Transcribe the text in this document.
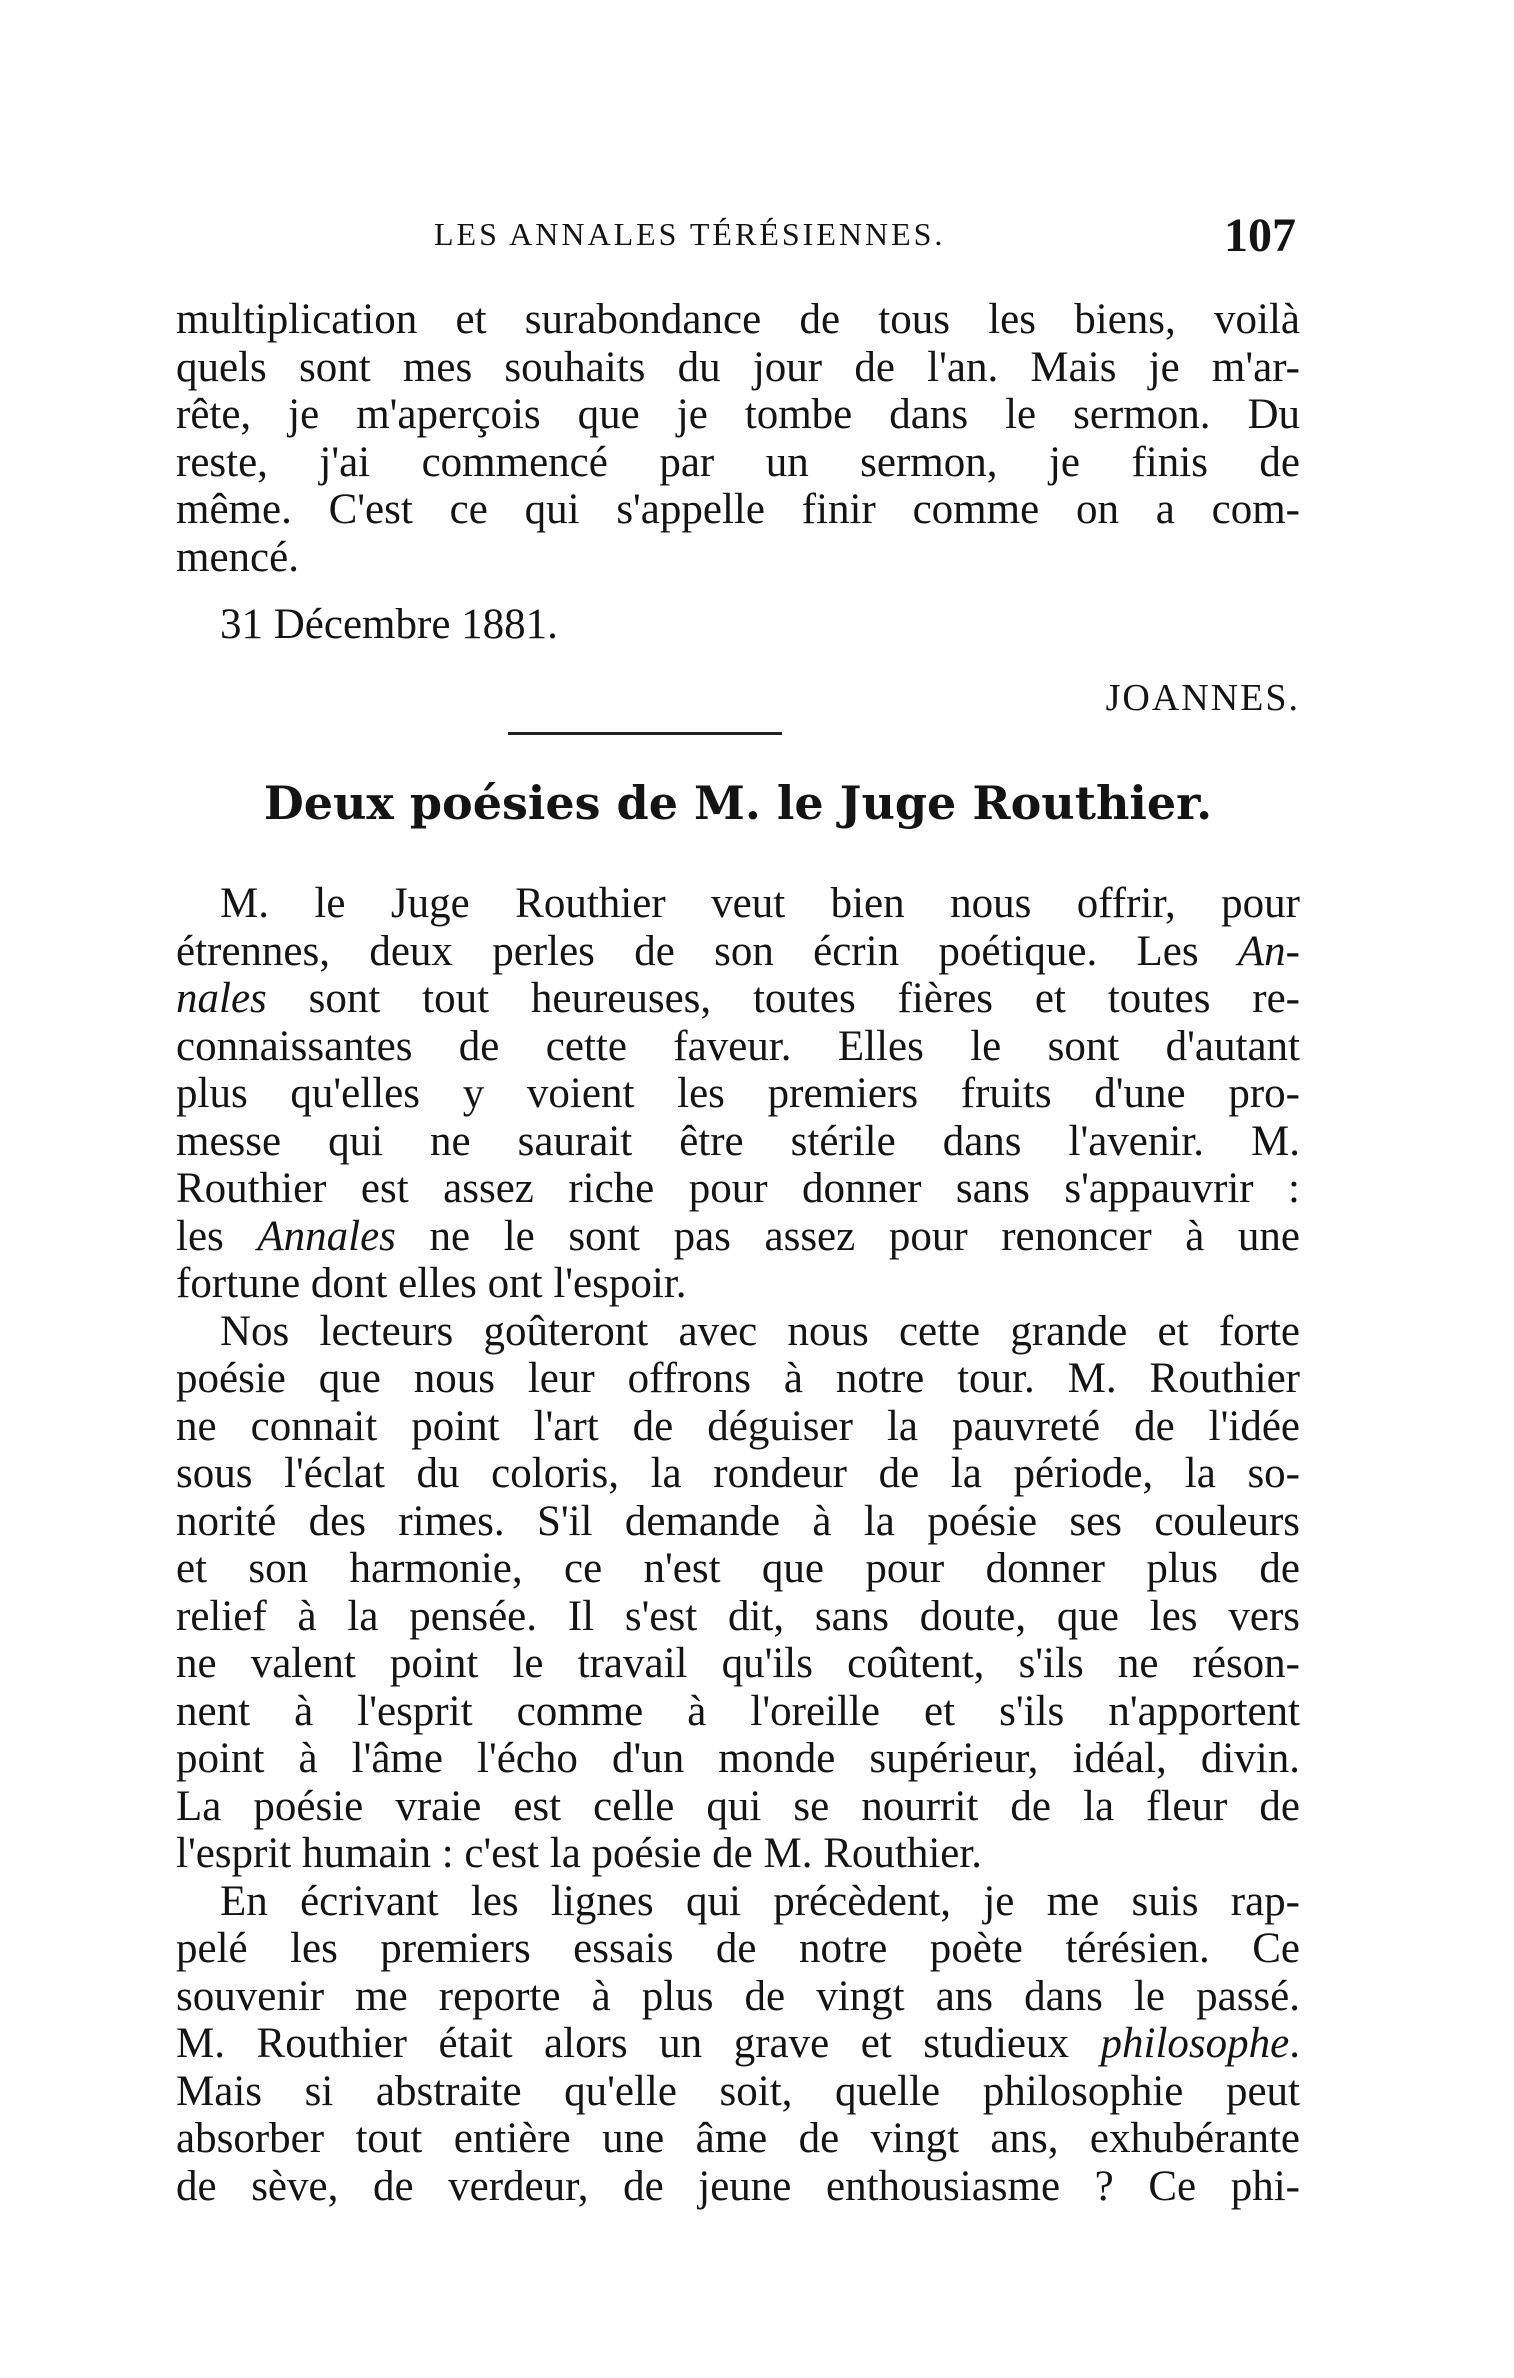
LES ANNALES TÉRÉSIENNES.	107
multiplication et surabondance de tous les biens, voilà
quels sont mes souhaits du jour de l'an. Mais je m'ar-
rête, je m'aperçois que je tombe dans le sermon. Du
reste, j'ai commencé par un sermon, je finis de
même. C'est ce qui s'appelle finir comme on a com-
mencé.
31 Décembre 1881.
JOANNES.
Deux poésies de M. le Juge Routhier.
M. le Juge Routhier veut bien nous offrir, pour
étrennes, deux perles de son écrin poétique. Les An-
nales sont tout heureuses, toutes fières et toutes re-
connaissantes de cette faveur. Elles le sont d'autant
plus qu'elles y voient les premiers fruits d'une pro-
messe qui ne saurait être stérile dans l'avenir. M.
Routhier est assez riche pour donner sans s'appauvrir :
les Annales ne le sont pas assez pour renoncer à une
fortune dont elles ont l'espoir.
Nos lecteurs goûteront avec nous cette grande et forte
poésie que nous leur offrons à notre tour. M. Routhier
ne connait point l'art de déguiser la pauvreté de l'idée
sous l'éclat du coloris, la rondeur de la période, la so-
norité des rimes. S'il demande à la poésie ses couleurs
et son harmonie, ce n'est que pour donner plus de
relief à la pensée. Il s'est dit, sans doute, que les vers
ne valent point le travail qu'ils coûtent, s'ils ne réson-
nent à l'esprit comme à l'oreille et s'ils n'apportent
point à l'âme l'écho d'un monde supérieur, idéal, divin.
La poésie vraie est celle qui se nourrit de la fleur de
l'esprit humain : c'est la poésie de M. Routhier.
En écrivant les lignes qui précèdent, je me suis rap-
pelé les premiers essais de notre poète térésien. Ce
souvenir me reporte à plus de vingt ans dans le passé.
M. Routhier était alors un grave et studieux philosophe.
Mais si abstraite qu'elle soit, quelle philosophie peut
absorber tout entière une âme de vingt ans, exhubérante
de sève, de verdeur, de jeune enthousiasme ? Ce phi-
